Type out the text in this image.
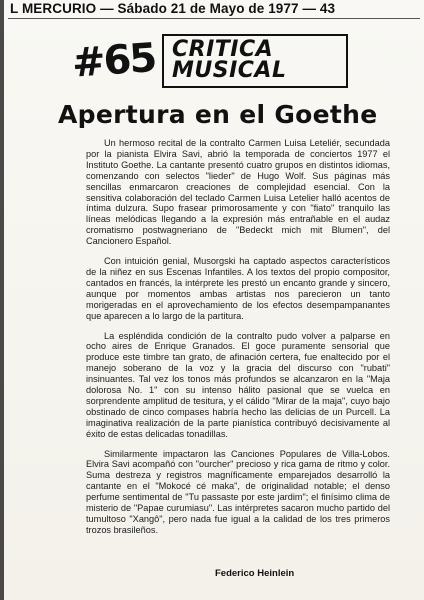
L MERCURIO — Sábado 21 de Mayo de 1977 — 43
#65 CRITICA
MUSICAL
Apertura en el Goethe

Un hermoso recital de la contralto Carmen Luisa Leteliér, secundada por la pianista Elvira Savi, abrió la temporada de conciertos 1977 el Instituto Goethe. La cantante presentó cuatro grupos en distintos idiomas, comenzando con selectos "lieder" de Hugo Wolf. Sus páginas más sencillas enmarcaron creaciones de complejidad esencial. Con la sensitiva colaboración del teclado Carmen Luisa Letelier halló acentos de íntima dulzura. Supo frasear primorosamente y con "fiato" tranquilo las líneas melódicas llegando a la expresión más entrañable en el audaz cromatismo postwagneriano de "Bedeckt mich mit Blumen", del Cancionero Español.

Con intuición genial, Musorgski ha captado aspectos característicos de la niñez en sus Escenas Infantiles. A los textos del propio compositor, cantados en francés, la intérprete les prestó un encanto grande y sincero, aunque por momentos ambas artistas nos parecieron un tanto morigeradas en el aprovechamiento de los efectos desempampanantes que aparecen a lo largo de la partitura.

La espléndida condición de la contralto pudo volver a palparse en ocho aires de Enrique Granados. El goce puramente sensorial que produce este timbre tan grato, de afinación certera, fue enaltecido por el manejo soberano de la voz y la gracia del discurso con "rubati" insinuantes. Tal vez los tonos más profundos se alcanzaron en la "Maja dolorosa No. 1" con su intenso hálito pasional que se vuelca en sorprendente amplitud de tesitura, y el cálido "Mirar de la maja", cuyo bajo obstinado de cinco compases habría hecho las delicias de un Purcell. La imaginativa realización de la parte pianística contribuyó decisivamente al éxito de estas delicadas tonadillas.

Similarmente impactaron las Canciones Populares de Villa-Lobos. Elvira Savi acompañó con "ourcher" precioso y rica gama de ritmo y color. Suma destreza y registros magníficamente emparejados desarrolló la cantante en el "Mokocé cé maka", de originalidad notable; el denso perfume sentimental de "Tu passaste por este jardim"; el finísimo clima de misterio de "Papae curumiasu". Las intérpretes sacaron mucho partido del tumultoso "Xangô", pero nada fue igual a la calidad de los tres primeros trozos brasileños.

Federico Heinlein
